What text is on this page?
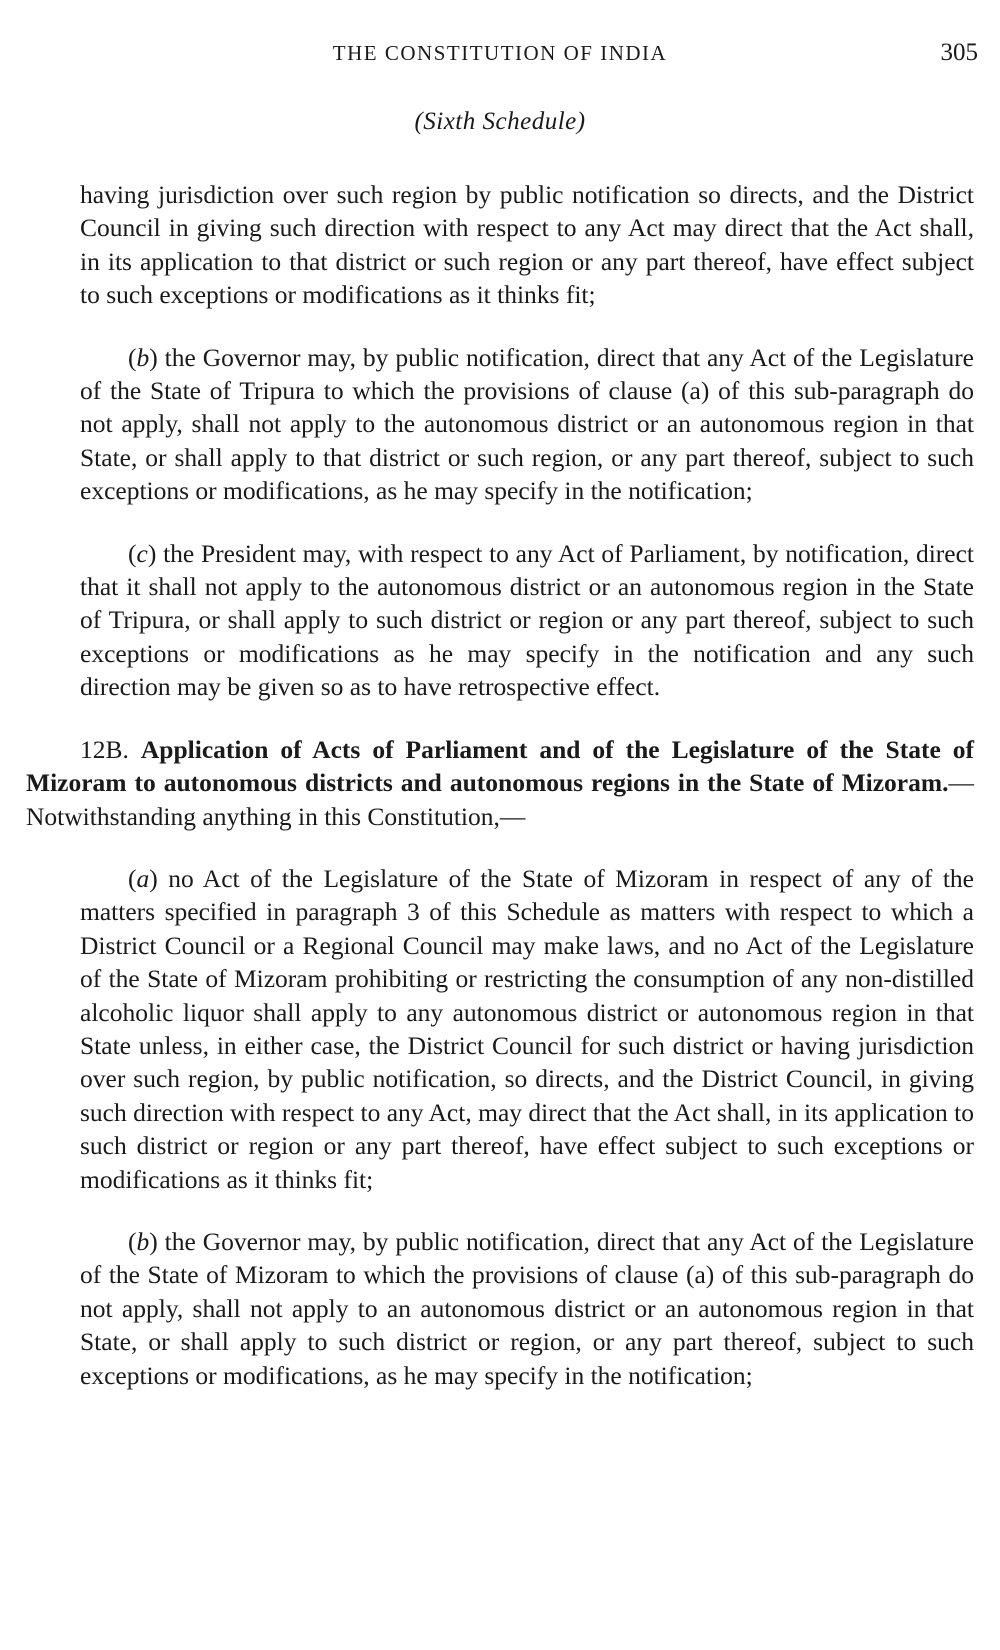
THE CONSTITUTION OF INDIA	305
(Sixth Schedule)

having jurisdiction over such region by public notification so directs, and the District Council in giving such direction with respect to any Act may direct that the Act shall, in its application to that district or such region or any part thereof, have effect subject to such exceptions or modifications as it thinks fit;

(b) the Governor may, by public notification, direct that any Act of the Legislature of the State of Tripura to which the provisions of clause (a) of this sub-paragraph do not apply, shall not apply to the autonomous district or an autonomous region in that State, or shall apply to that district or such region, or any part thereof, subject to such exceptions or modifications, as he may specify in the notification;

(c) the President may, with respect to any Act of Parliament, by notification, direct that it shall not apply to the autonomous district or an autonomous region in the State of Tripura, or shall apply to such district or region or any part thereof, subject to such exceptions or modifications as he may specify in the notification and any such direction may be given so as to have retrospective effect.

12B. Application of Acts of Parliament and of the Legislature of the State of Mizoram to autonomous districts and autonomous regions in the State of Mizoram.—Notwithstanding anything in this Constitution,—

(a) no Act of the Legislature of the State of Mizoram in respect of any of the matters specified in paragraph 3 of this Schedule as matters with respect to which a District Council or a Regional Council may make laws, and no Act of the Legislature of the State of Mizoram prohibiting or restricting the consumption of any non-distilled alcoholic liquor shall apply to any autonomous district or autonomous region in that State unless, in either case, the District Council for such district or having jurisdiction over such region, by public notification, so directs, and the District Council, in giving such direction with respect to any Act, may direct that the Act shall, in its application to such district or region or any part thereof, have effect subject to such exceptions or modifications as it thinks fit;

(b) the Governor may, by public notification, direct that any Act of the Legislature of the State of Mizoram to which the provisions of clause (a) of this sub-paragraph do not apply, shall not apply to an autonomous district or an autonomous region in that State, or shall apply to such district or region, or any part thereof, subject to such exceptions or modifications, as he may specify in the notification;
